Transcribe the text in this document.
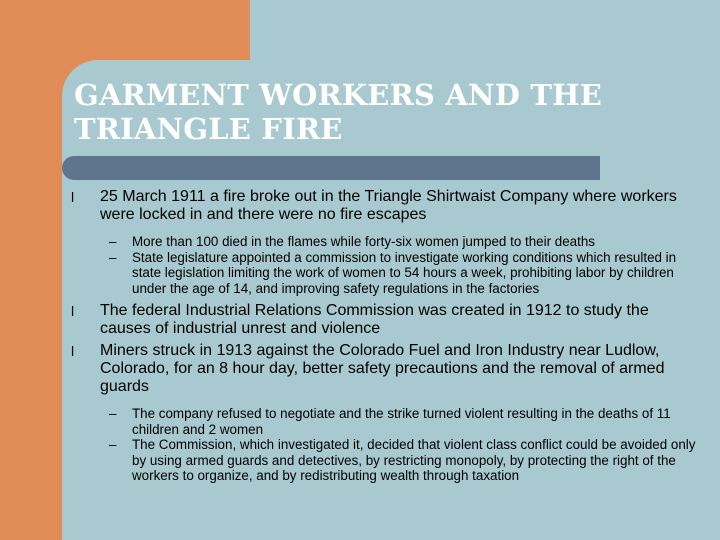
GARMENT WORKERS AND THE
TRIANGLE FIRE
l 25 March 1911 a fire broke out in the Triangle Shirtwaist Company where workers were locked in and there were no fire escapes
– More than 100 died in the flames while forty-six women jumped to their deaths
– State legislature appointed a commission to investigate working conditions which resulted in state legislation limiting the work of women to 54 hours a week, prohibiting labor by children under the age of 14, and improving safety regulations in the factories
l The federal Industrial Relations Commission was created in 1912 to study the causes of industrial unrest and violence
l Miners struck in 1913 against the Colorado Fuel and Iron Industry near Ludlow, Colorado, for an 8 hour day, better safety precautions and the removal of armed guards
– The company refused to negotiate and the strike turned violent resulting in the deaths of 11 children and 2 women
– The Commission, which investigated it, decided that violent class conflict could be avoided only by using armed guards and detectives, by restricting monopoly, by protecting the right of the workers to organize, and by redistributing wealth through taxation
